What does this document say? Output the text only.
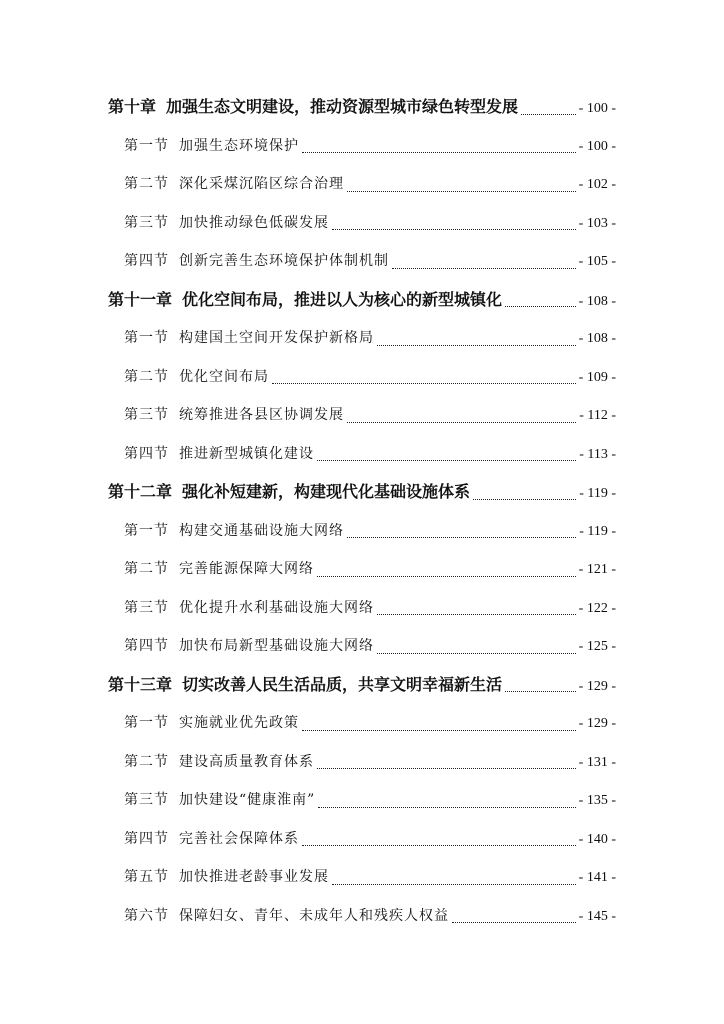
第十章 加强生态文明建设，推动资源型城市绿色转型发展	- 100 -
第一节 加强生态环境保护	- 100 -
第二节 深化采煤沉陷区综合治理	- 102 -
第三节 加快推动绿色低碳发展	- 103 -
第四节 创新完善生态环境保护体制机制	- 105 -
第十一章 优化空间布局，推进以人为核心的新型城镇化	- 108 -
第一节 构建国土空间开发保护新格局	- 108 -
第二节 优化空间布局	- 109 -
第三节 统筹推进各县区协调发展	- 112 -
第四节 推进新型城镇化建设	- 113 -
第十二章 强化补短建新，构建现代化基础设施体系	- 119 -
第一节 构建交通基础设施大网络	- 119 -
第二节 完善能源保障大网络	- 121 -
第三节 优化提升水利基础设施大网络	- 122 -
第四节 加快布局新型基础设施大网络	- 125 -
第十三章 切实改善人民生活品质，共享文明幸福新生活	- 129 -
第一节 实施就业优先政策	- 129 -
第二节 建设高质量教育体系	- 131 -
第三节 加快建设“健康淮南”	- 135 -
第四节 完善社会保障体系	- 140 -
第五节 加快推进老龄事业发展	- 141 -
第六节 保障妇女、青年、未成年人和残疾人权益	- 145 -
